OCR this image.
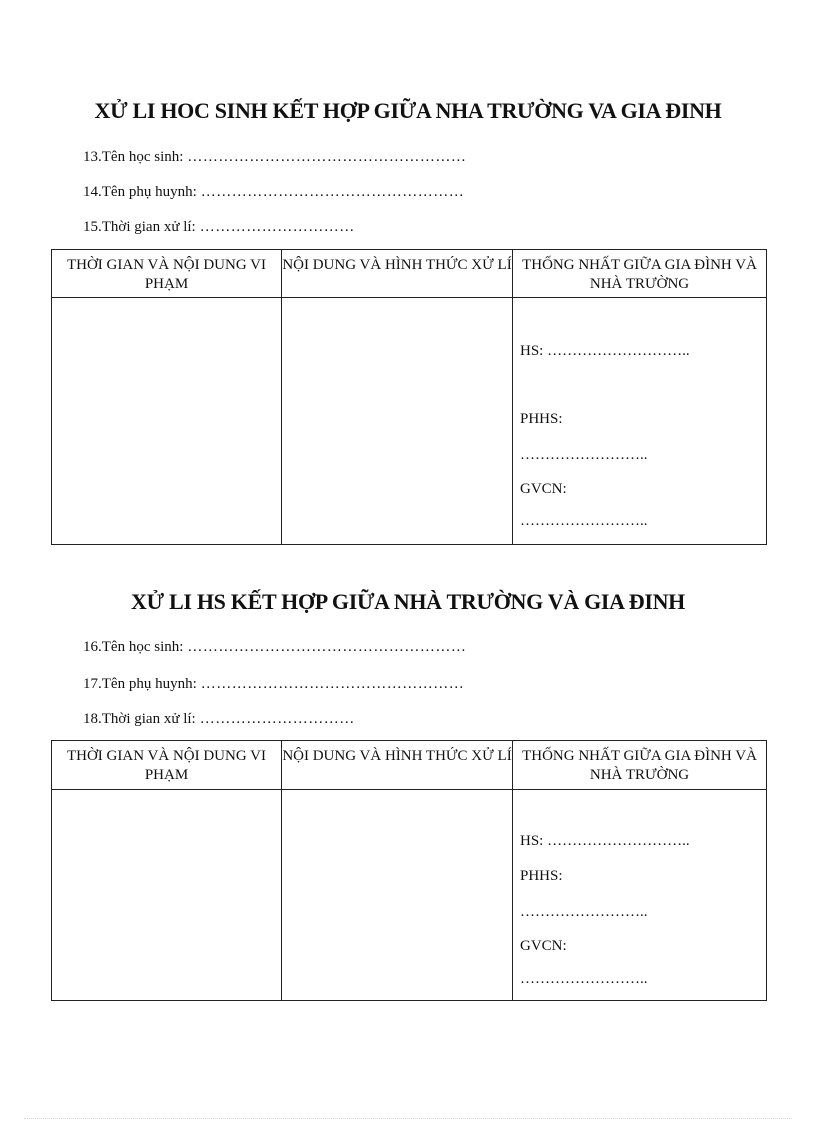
XỬ LI HOC SINH KẾT HỢP GIỮA NHA TRƯỜNG VA GIA ĐINH
13.Tên học sinh: ………………………………………………
14.Tên phụ huynh: ……………………………………………
15.Thời gian xử lí: …………………………
THỜI GIAN VÀ NỘI DUNG VI PHẠM	NỘI DUNG VÀ HÌNH THỨC XỬ LÍ	THỐNG NHẤT GIỮA GIA ĐÌNH VÀ NHÀ TRƯỜNG

		HS: ………………………..
PHHS:
……………………..
GVCN:
……………………..
XỬ LI HS KẾT HỢP GIỮA NHÀ TRƯỜNG VÀ GIA ĐINH
16.Tên học sinh: ………………………………………………
17.Tên phụ huynh: ……………………………………………
18.Thời gian xử lí: …………………………
THỜI GIAN VÀ NỘI DUNG VI PHẠM	NỘI DUNG VÀ HÌNH THỨC XỬ LÍ	THỐNG NHẤT GIỮA GIA ĐÌNH VÀ NHÀ TRƯỜNG

		HS: ………………………..
PHHS:
……………………..
GVCN:
……………………..
